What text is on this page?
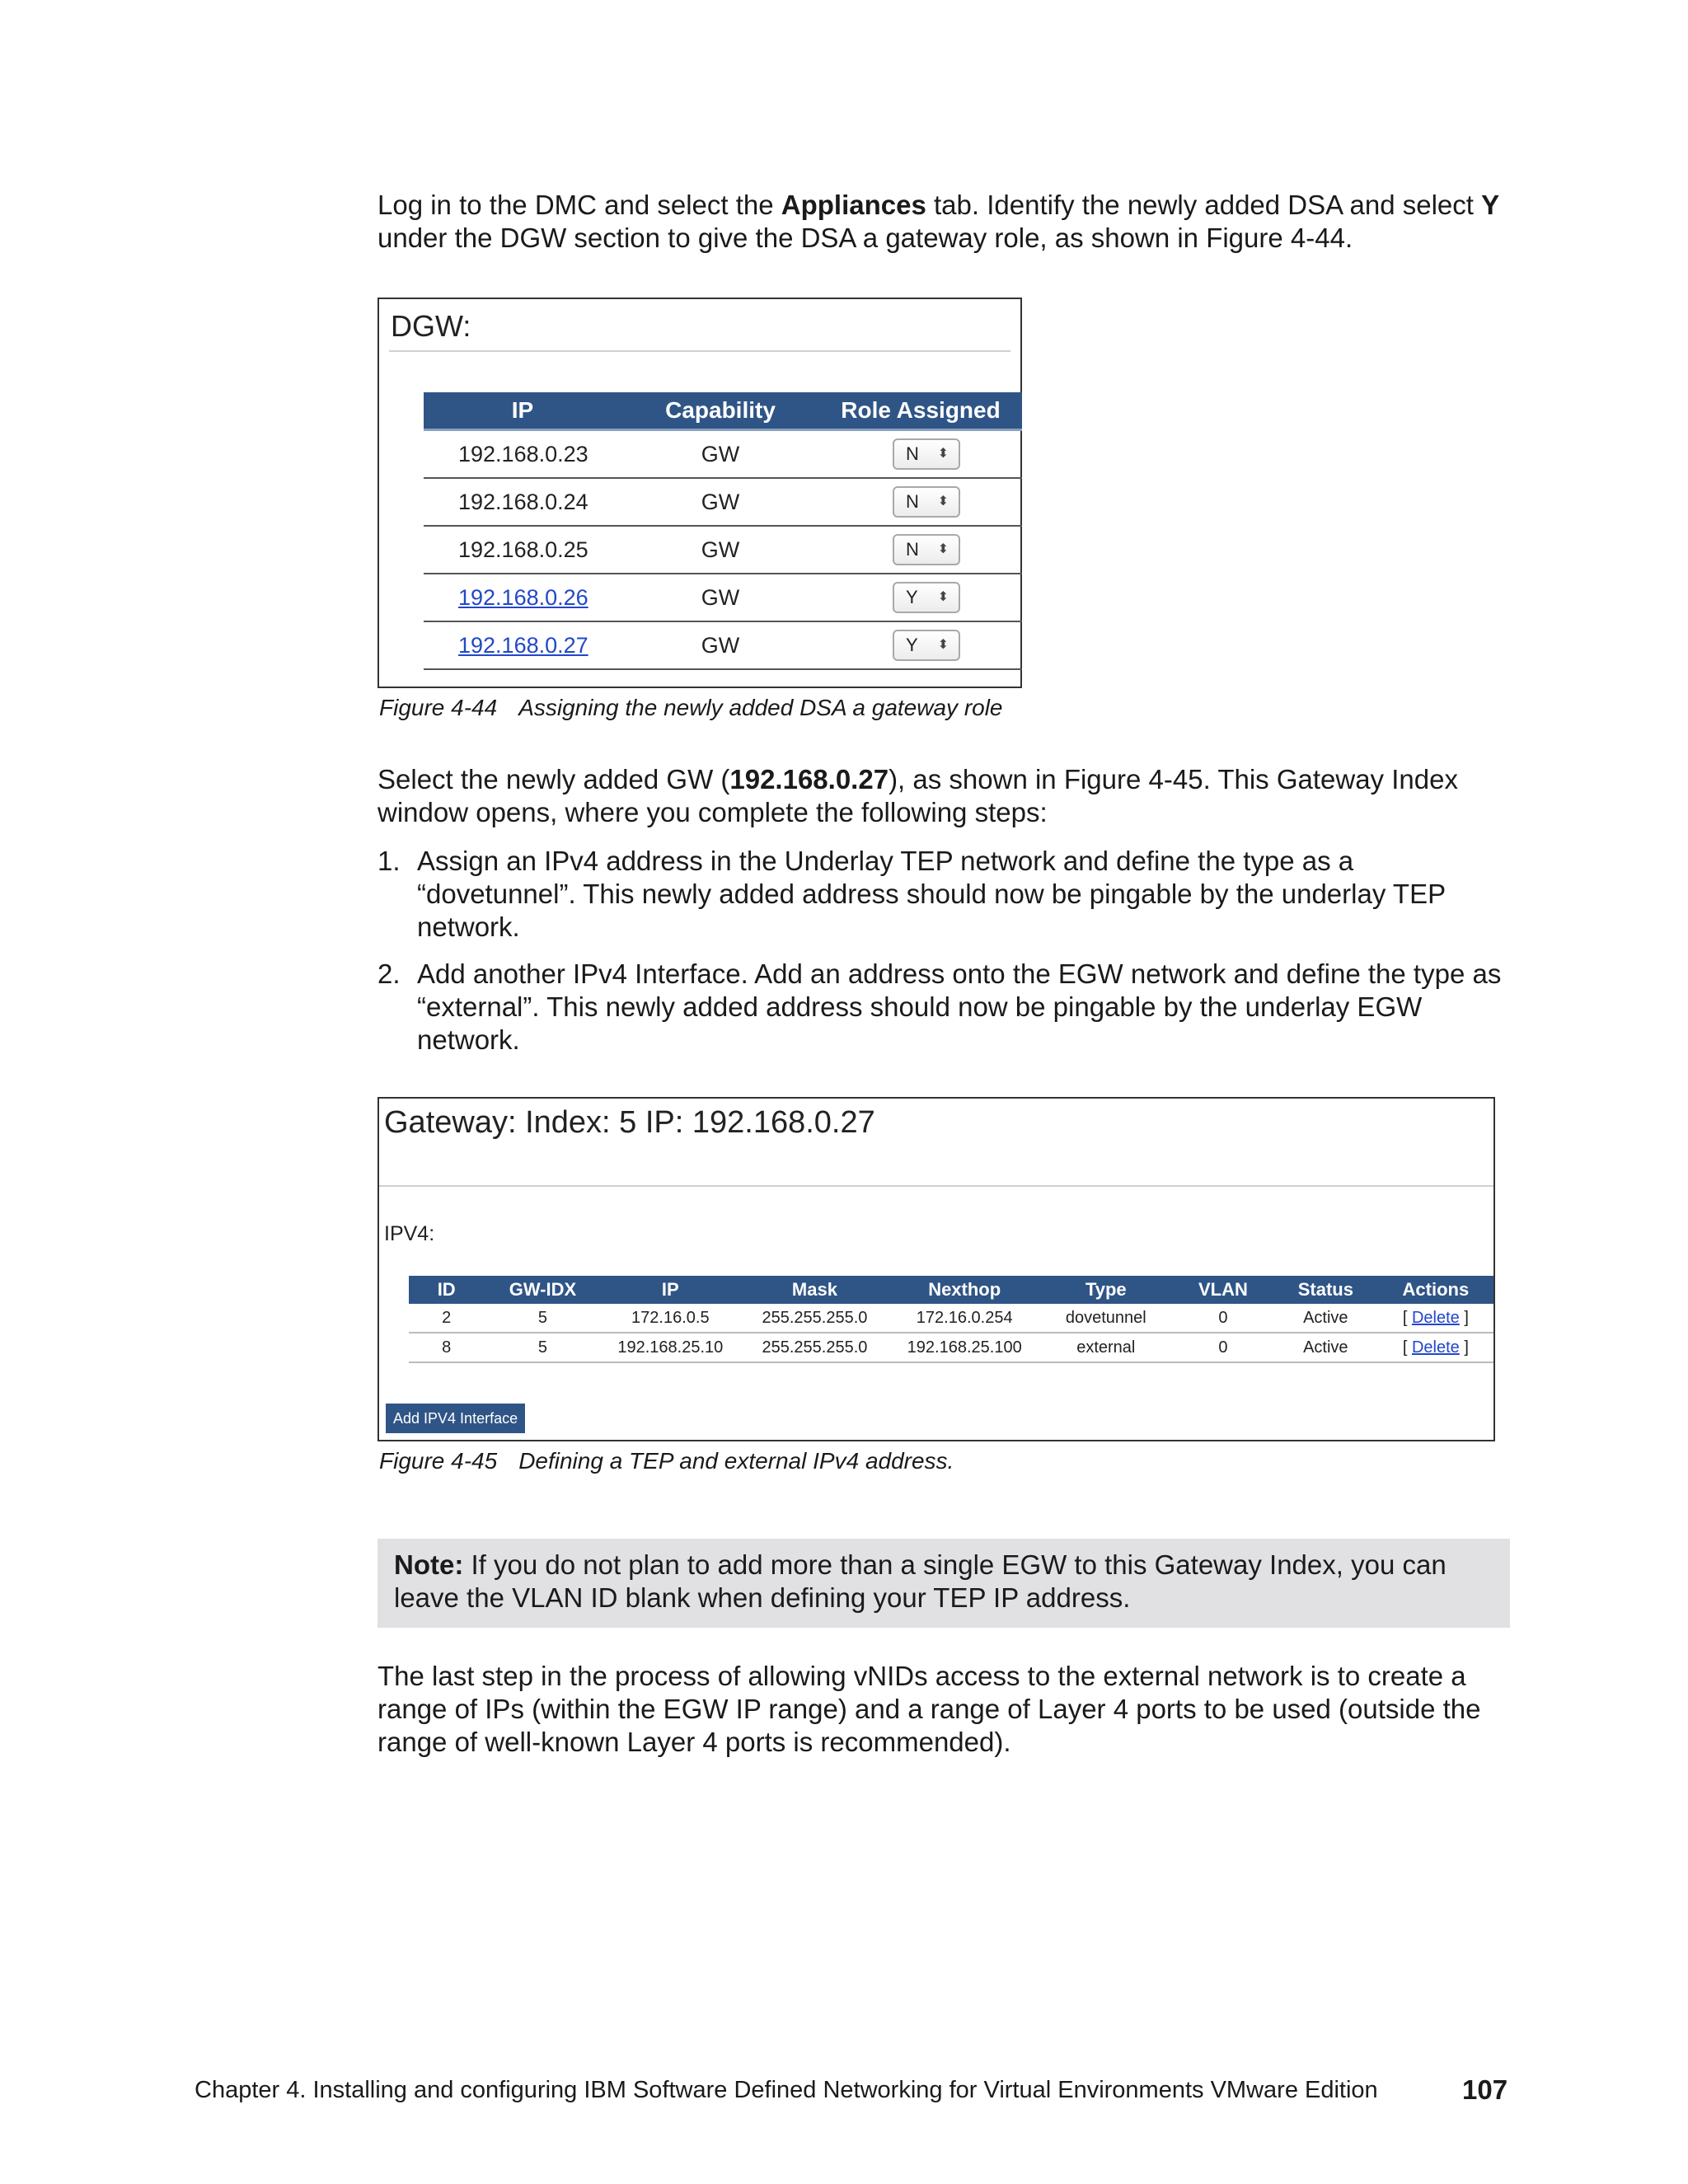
Log in to the DMC and select the Appliances tab. Identify the newly added DSA and select Y under the DGW section to give the DSA a gateway role, as shown in Figure 4-44.

DGW:
IP	Capability	Role Assigned
192.168.0.23	GW	N ⬍

192.168.0.24	GW	N ⬍

192.168.0.25	GW	N ⬍

192.168.0.26	GW	Y ⬍

192.168.0.27	GW	Y ⬍
Figure 4-44 Assigning the newly added DSA a gateway role

Select the newly added GW (192.168.0.27), as shown in Figure 4-45. This Gateway Index window opens, where you complete the following steps:

1. Assign an IPv4 address in the Underlay TEP network and define the type as a “dovetunnel”. This newly added address should now be pingable by the underlay TEP network.
2. Add another IPv4 Interface. Add an address onto the EGW network and define the type as “external”. This newly added address should now be pingable by the underlay EGW network.
Gateway: Index: 5 IP: 192.168.0.27
IPV4:
ID	GW-IDX	IP	Mask	Nexthop	Type	VLAN	Status	Actions
2	5	172.16.0.5	255.255.255.0	172.16.0.254	dovetunnel	0	Active	[ Delete ]
8	5	192.168.25.10	255.255.255.0	192.168.25.100	external	0	Active	[ Delete ]
Add IPV4 Interface
Figure 4-45 Defining a TEP and external IPv4 address.
Note: If you do not plan to add more than a single EGW to this Gateway Index, you can leave the VLAN ID blank when defining your TEP IP address.

The last step in the process of allowing vNIDs access to the external network is to create a range of IPs (within the EGW IP range) and a range of Layer 4 ports to be used (outside the range of well-known Layer 4 ports is recommended).

Chapter 4. Installing and configuring IBM Software Defined Networking for Virtual Environments VMware Edition	107
